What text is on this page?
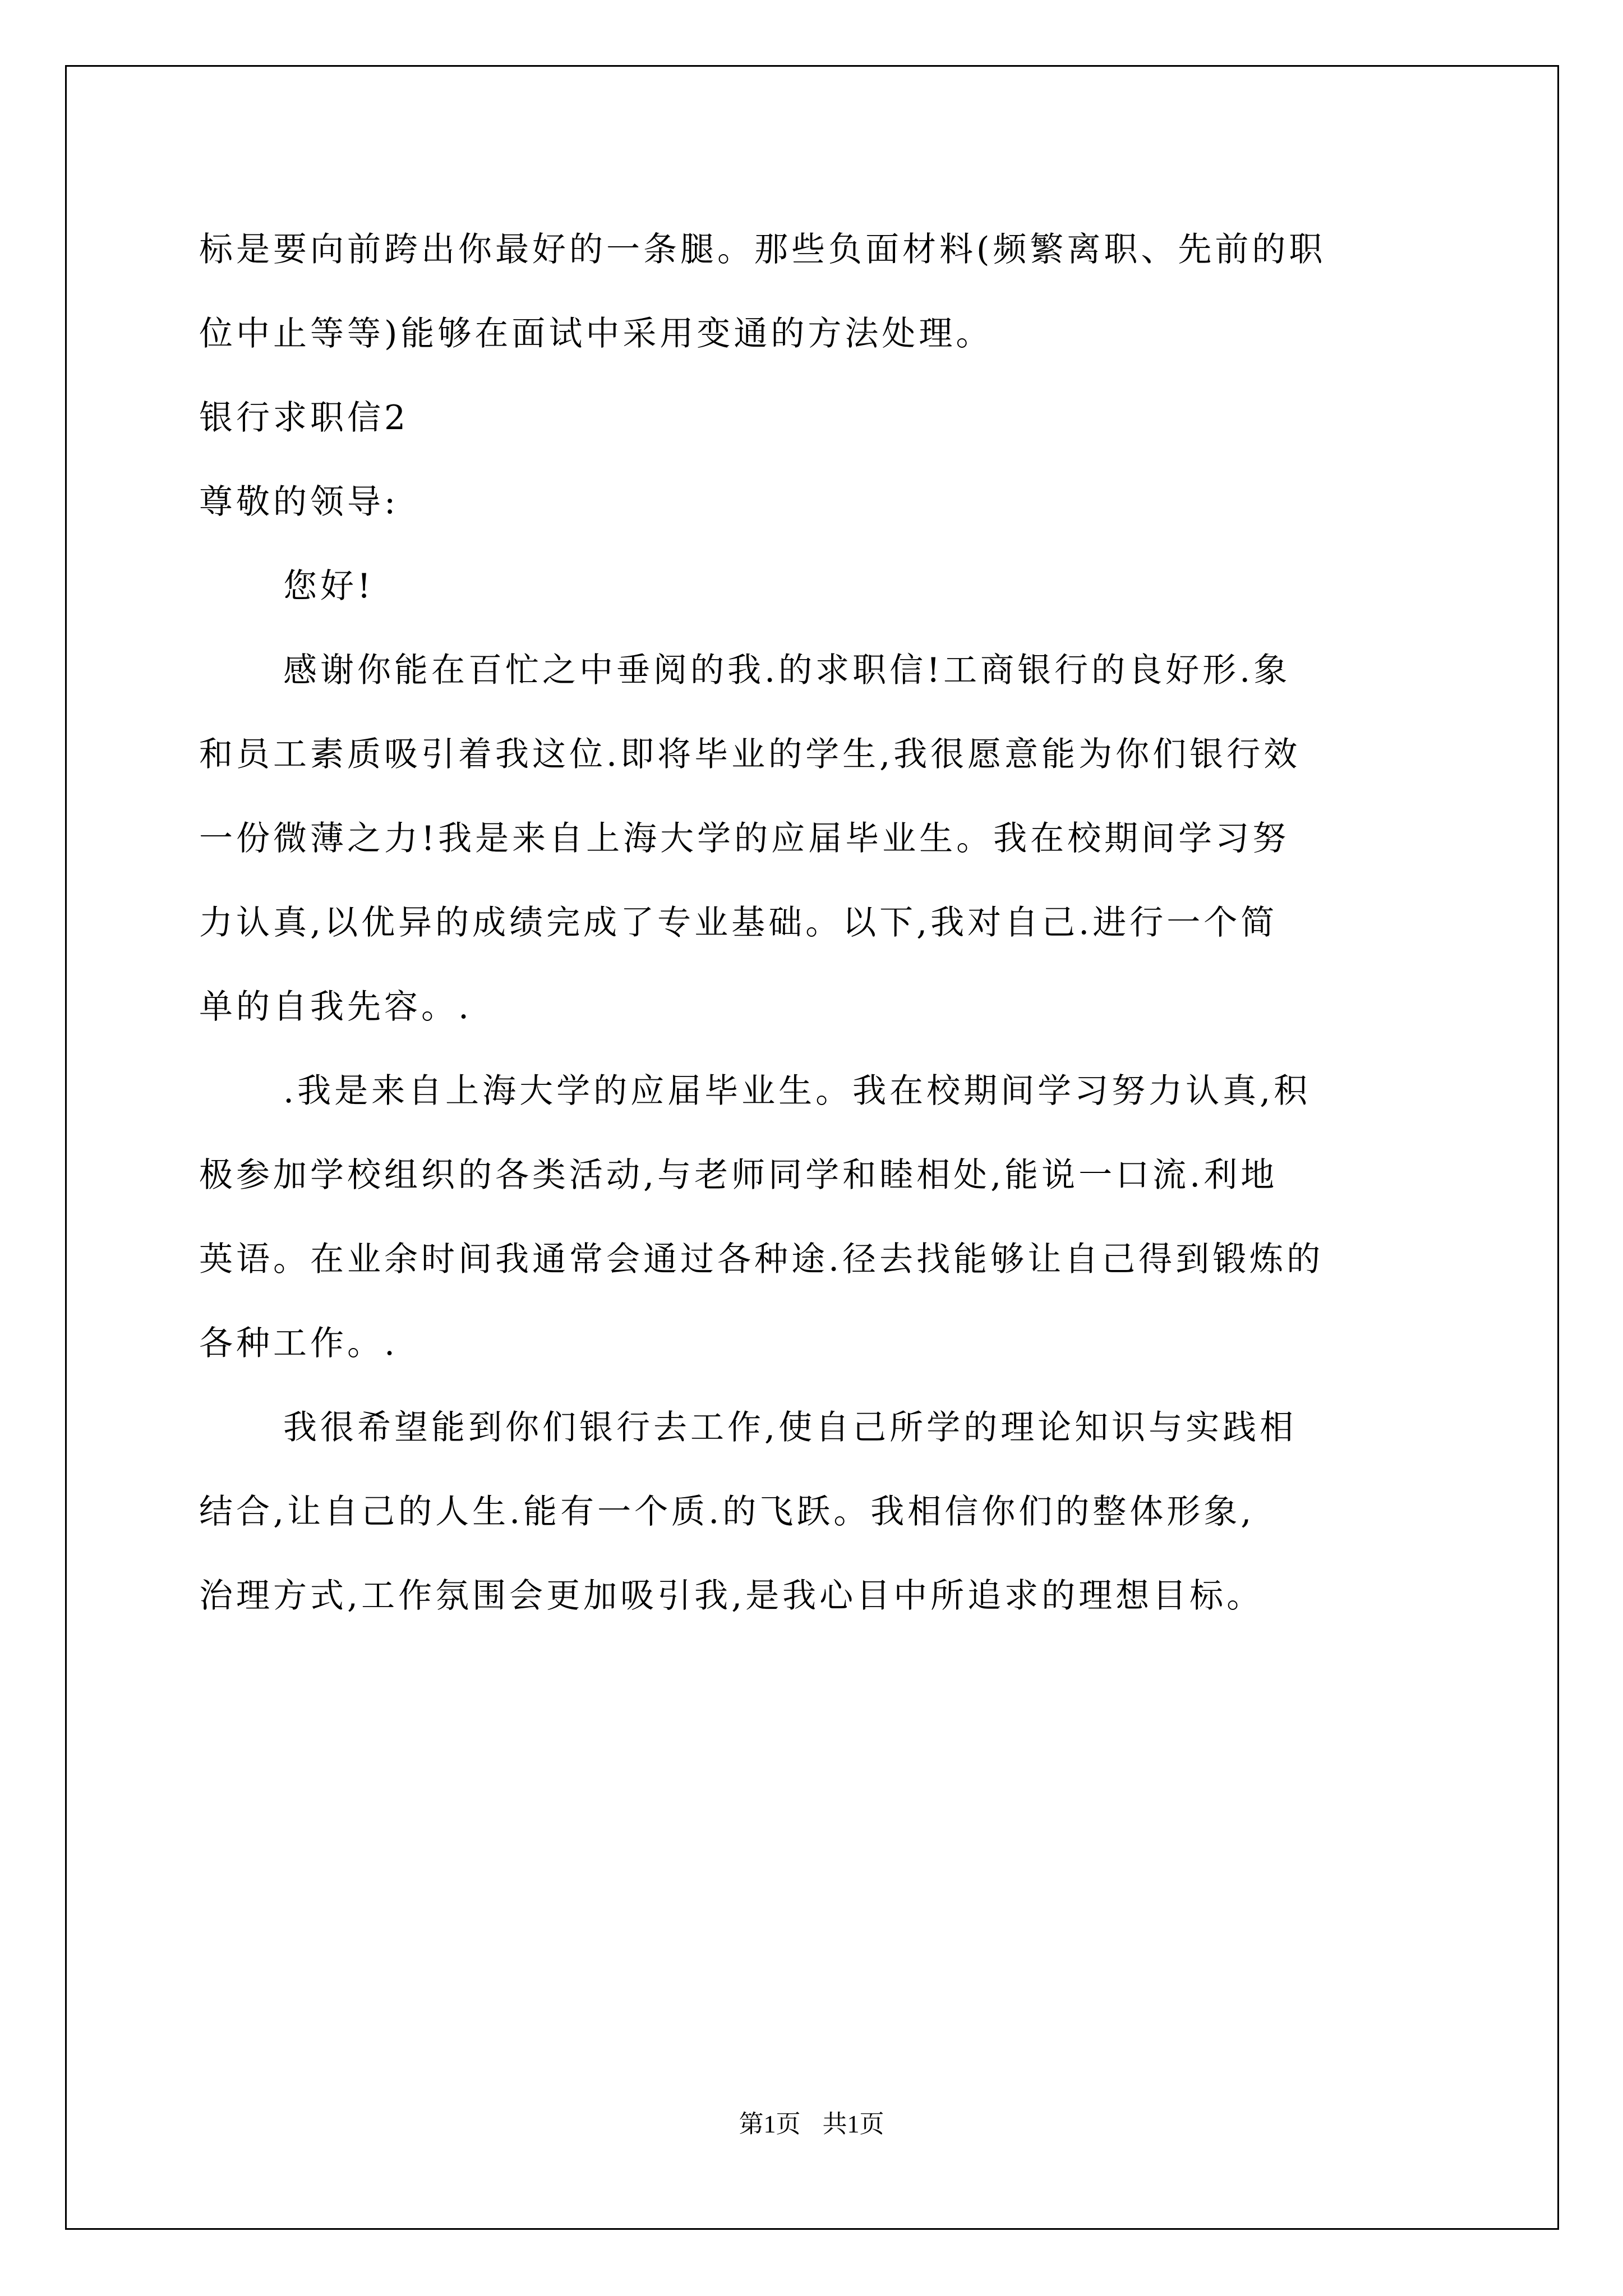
标是要向前跨出你最好的一条腿。那些负面材料(频繁离职、先前的职
位中止等等)能够在面试中采用变通的方法处理。
银行求职信2
尊敬的领导:
您好!
感谢你能在百忙之中垂阅的我.的求职信!工商银行的良好形.象
和员工素质吸引着我这位.即将毕业的学生,我很愿意能为你们银行效
一份微薄之力!我是来自上海大学的应届毕业生。我在校期间学习努
力认真,以优异的成绩完成了专业基础。以下,我对自己.进行一个简
单的自我先容。.
.我是来自上海大学的应届毕业生。我在校期间学习努力认真,积
极参加学校组织的各类活动,与老师同学和睦相处,能说一口流.利地
英语。在业余时间我通常会通过各种途.径去找能够让自己得到锻炼的
各种工作。.
我很希望能到你们银行去工作,使自己所学的理论知识与实践相
结合,让自己的人生.能有一个质.的飞跃。我相信你们的整体形象,
治理方式,工作氛围会更加吸引我,是我心目中所追求的理想目标。
第1页 共1页
